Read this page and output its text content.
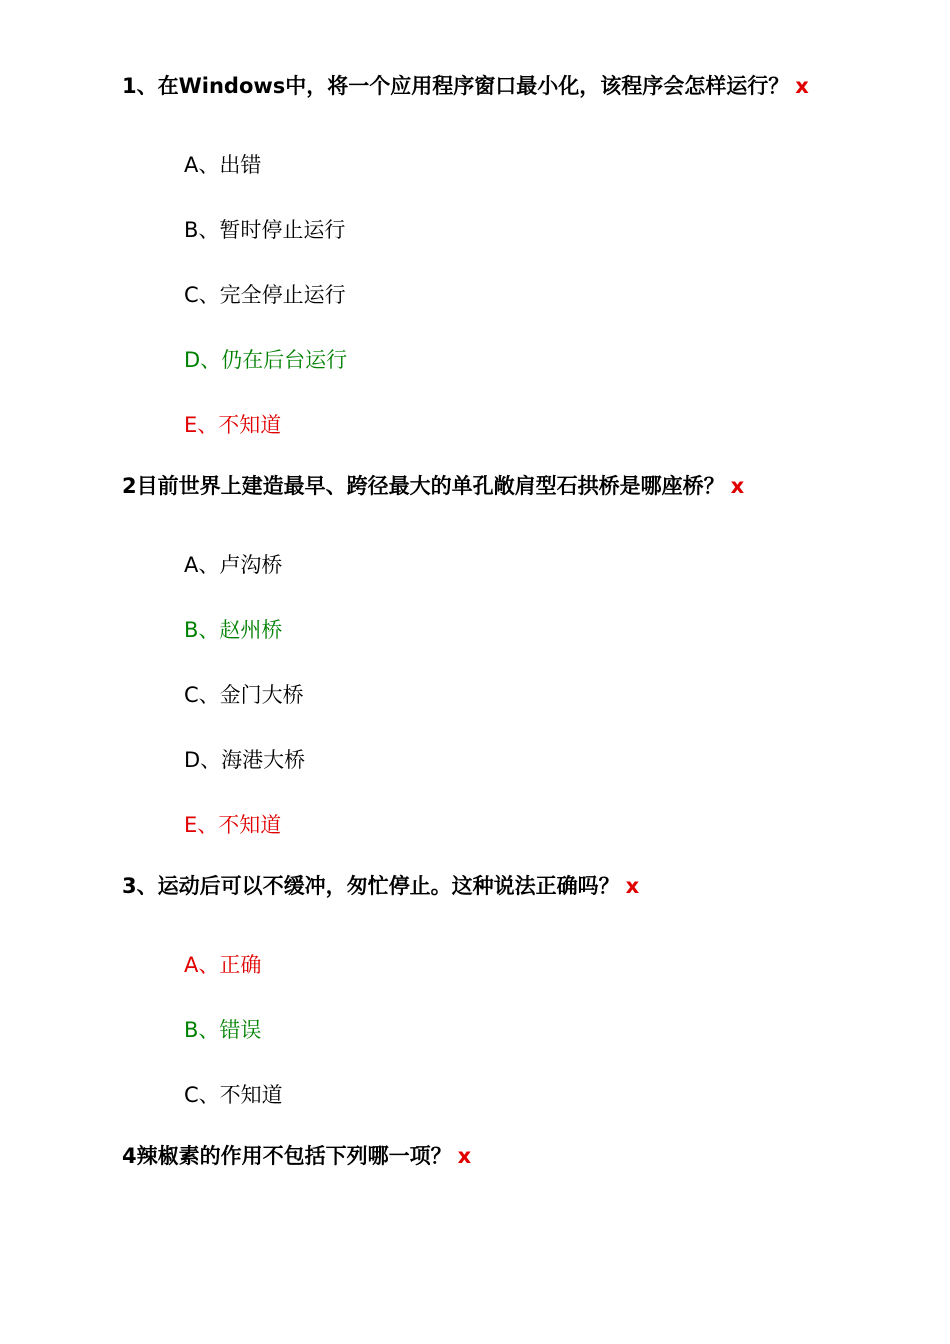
1、在Windows中，将一个应用程序窗口最小化，该程序会怎样运行？ x
A、出错
B、暂时停止运行
C、完全停止运行
D、仍在后台运行
E、不知道
2目前世界上建造最早、跨径最大的单孔敞肩型石拱桥是哪座桥？ x
A、卢沟桥
B、赵州桥
C、金门大桥
D、海港大桥
E、不知道
3、运动后可以不缓冲，匆忙停止。这种说法正确吗？ x
A、正确
B、错误
C、不知道
4辣椒素的作用不包括下列哪一项？ x
